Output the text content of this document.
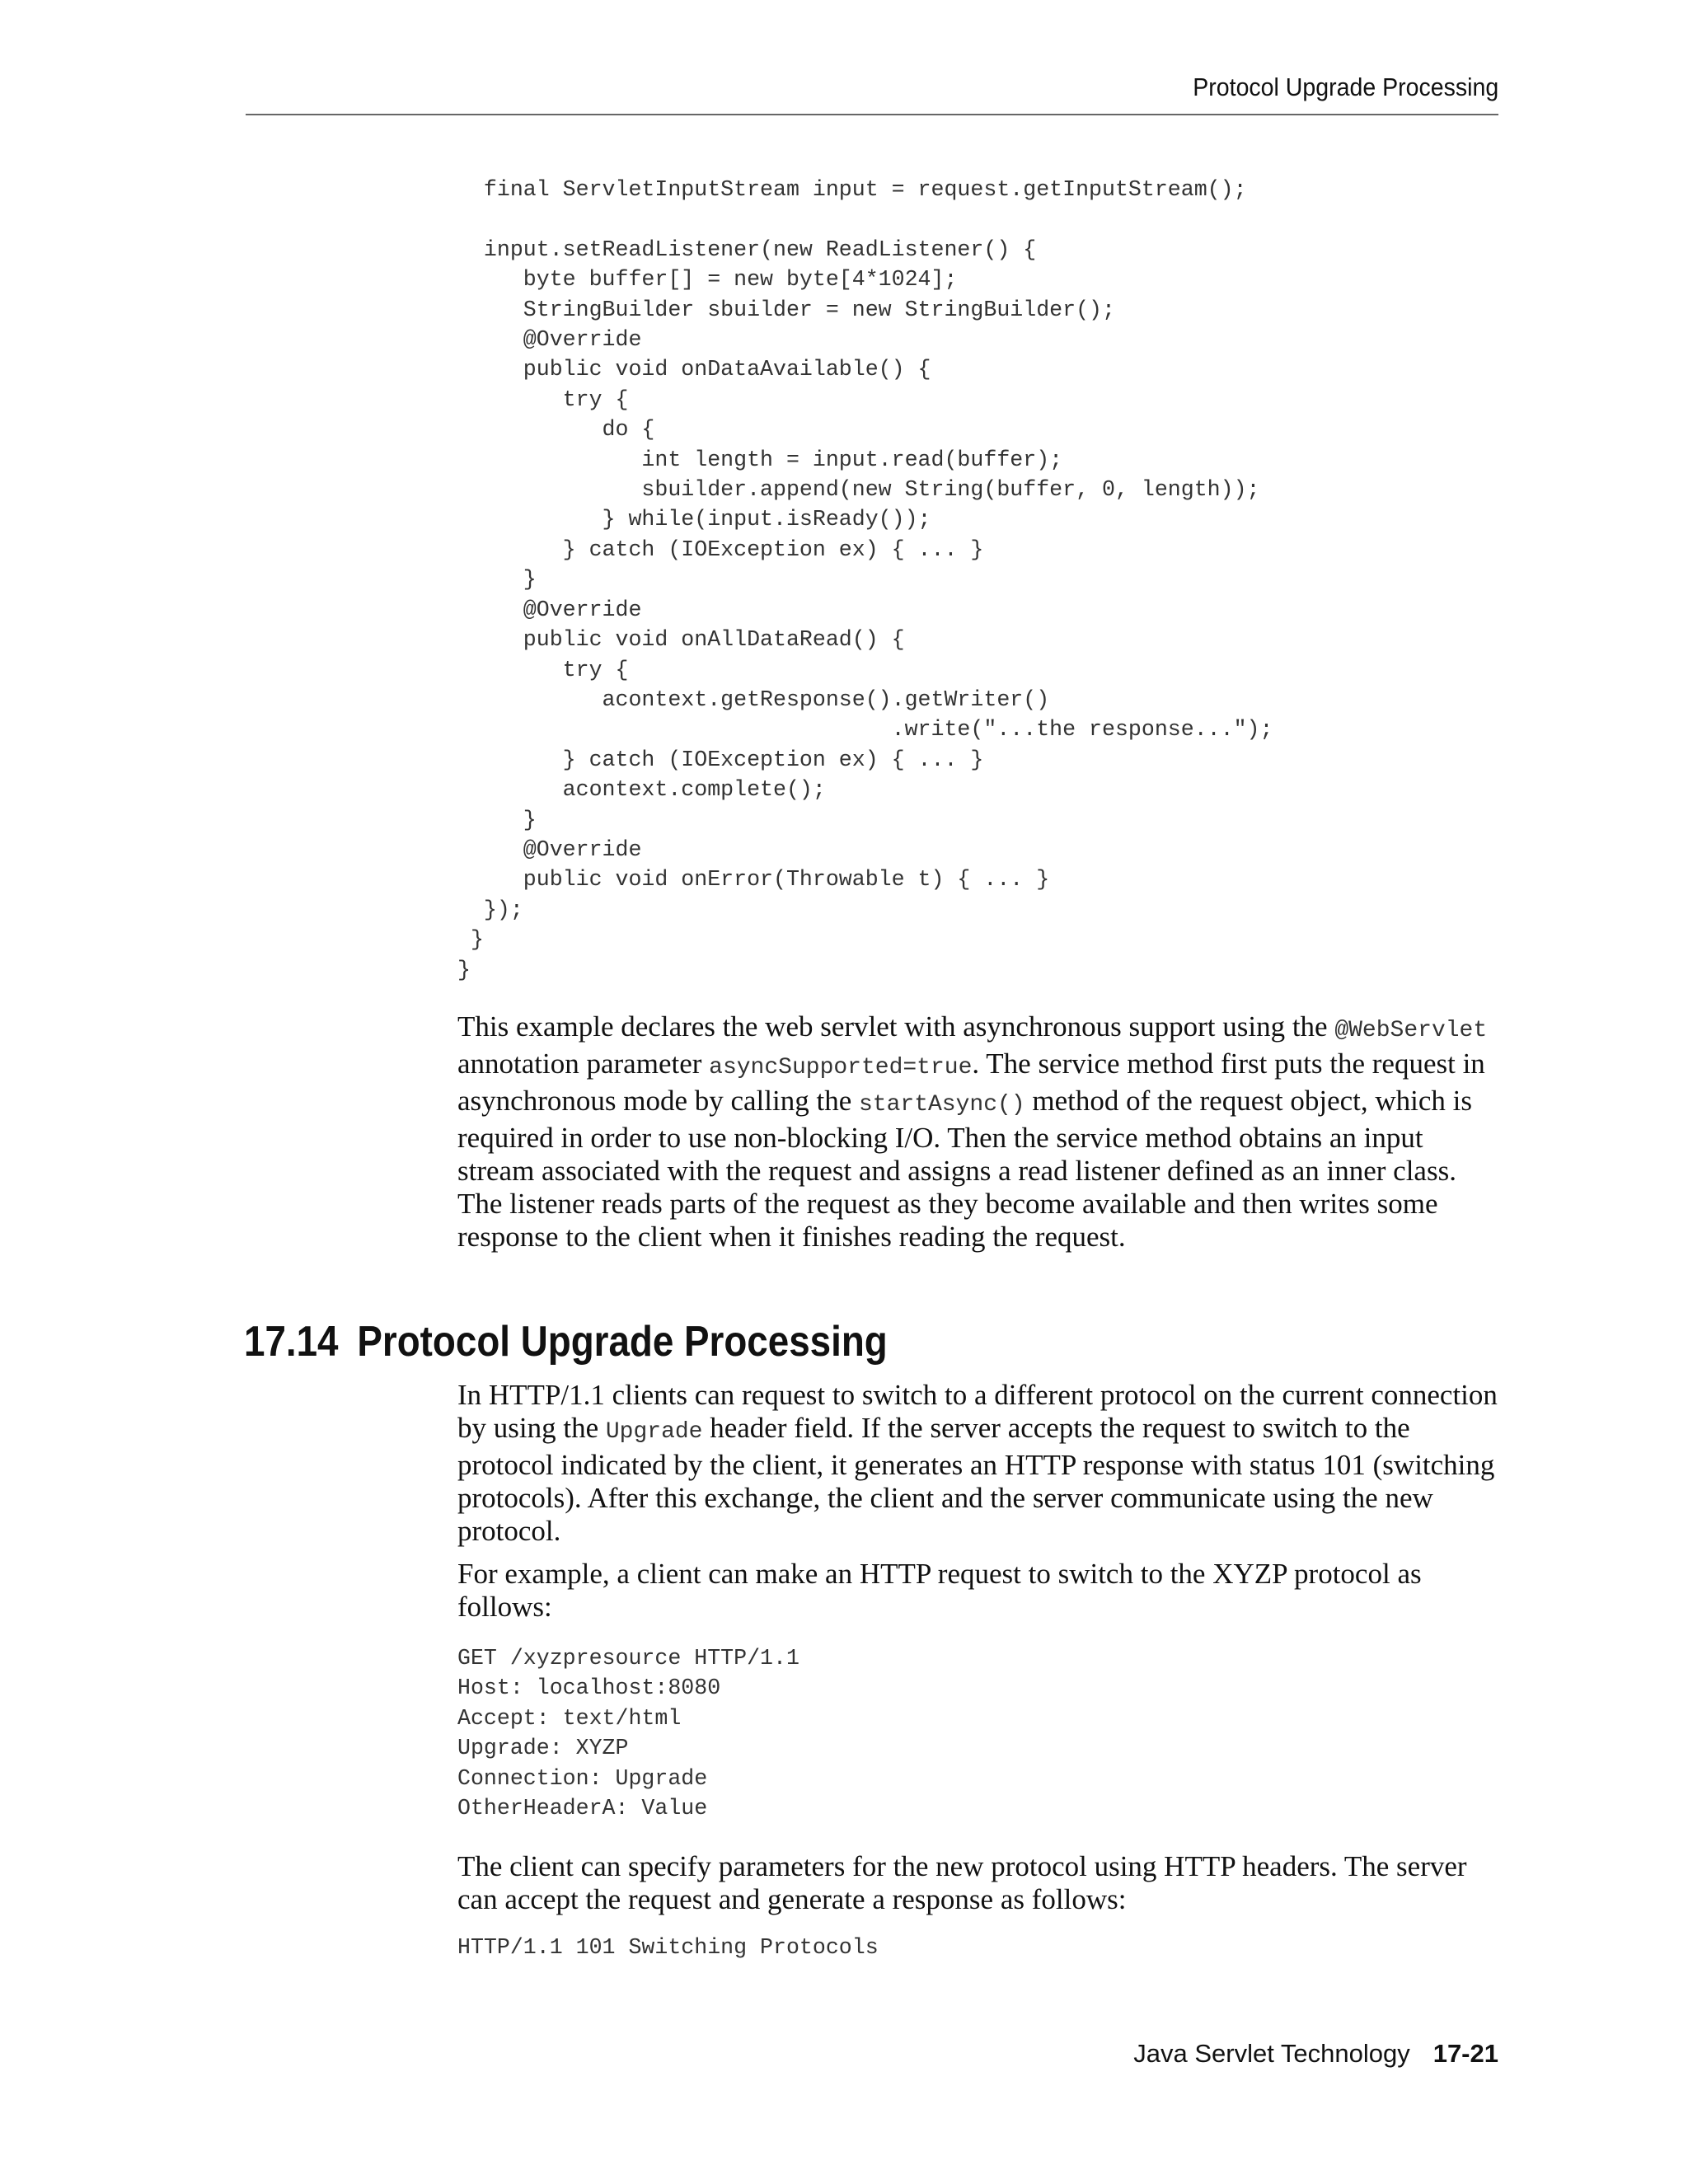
Protocol Upgrade Processing
final ServletInputStream input = request.getInputStream();

input.setReadListener(new ReadListener() {
byte buffer[] = new byte[4*1024];
StringBuilder sbuilder = new StringBuilder();
@Override
public void onDataAvailable() {
try {
do {
int length = input.read(buffer);
sbuilder.append(new String(buffer, 0, length));
} while(input.isReady());
} catch (IOException ex) { ... }
}
@Override
public void onAllDataRead() {
try {
acontext.getResponse().getWriter()
.write("...the response...");
} catch (IOException ex) { ... }
acontext.complete();
}
@Override
public void onError(Throwable t) { ... }
});
}
}

This example declares the web servlet with asynchronous support using the @WebServlet annotation parameter asyncSupported=true. The service method first puts the request in asynchronous mode by calling the startAsync() method of the request object, which is required in order to use non-blocking I/O. Then the service method obtains an input stream associated with the request and assigns a read listener defined as an inner class. The listener reads parts of the request as they become available and then writes some response to the client when it finishes reading the request.

17.14 Protocol Upgrade Processing

In HTTP/1.1 clients can request to switch to a different protocol on the current connection by using the Upgrade header field. If the server accepts the request to switch to the protocol indicated by the client, it generates an HTTP response with status 101 (switching protocols). After this exchange, the client and the server communicate using the new protocol.

For example, a client can make an HTTP request to switch to the XYZP protocol as follows:

GET /xyzpresource HTTP/1.1
Host: localhost:8080
Accept: text/html
Upgrade: XYZP
Connection: Upgrade
OtherHeaderA: Value

The client can specify parameters for the new protocol using HTTP headers. The server can accept the request and generate a response as follows:

HTTP/1.1 101 Switching Protocols
Java Servlet Technology 17-21
